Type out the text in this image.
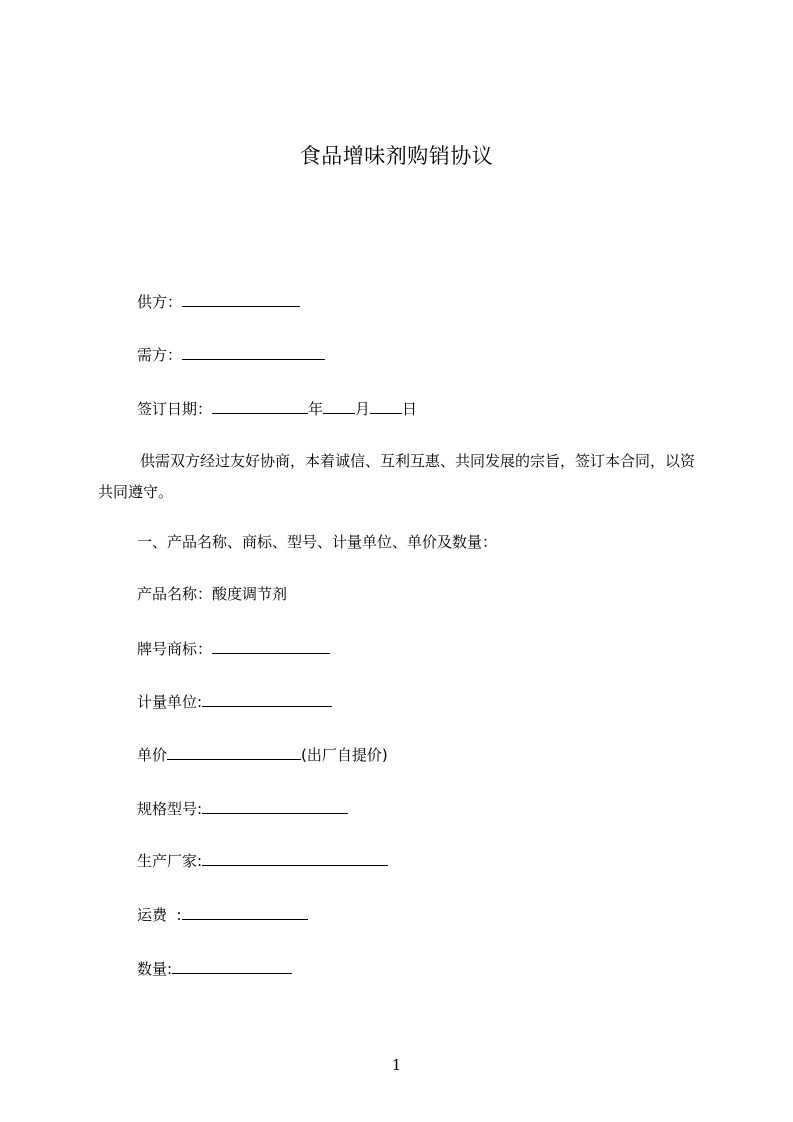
食品增味剂购销协议
供方：
需方：
签订日期：	年 月 日
供需双方经过友好协商，本着诚信、互利互惠、共同发展的宗旨，签订本合同，以资共同遵守。
一、产品名称、商标、型号、计量单位、单价及数量：
产品名称：酸度调节剂
牌号商标：
计量单位:
单价	(出厂自提价)
规格型号:
生产厂家:
运费  :
数量:
1
